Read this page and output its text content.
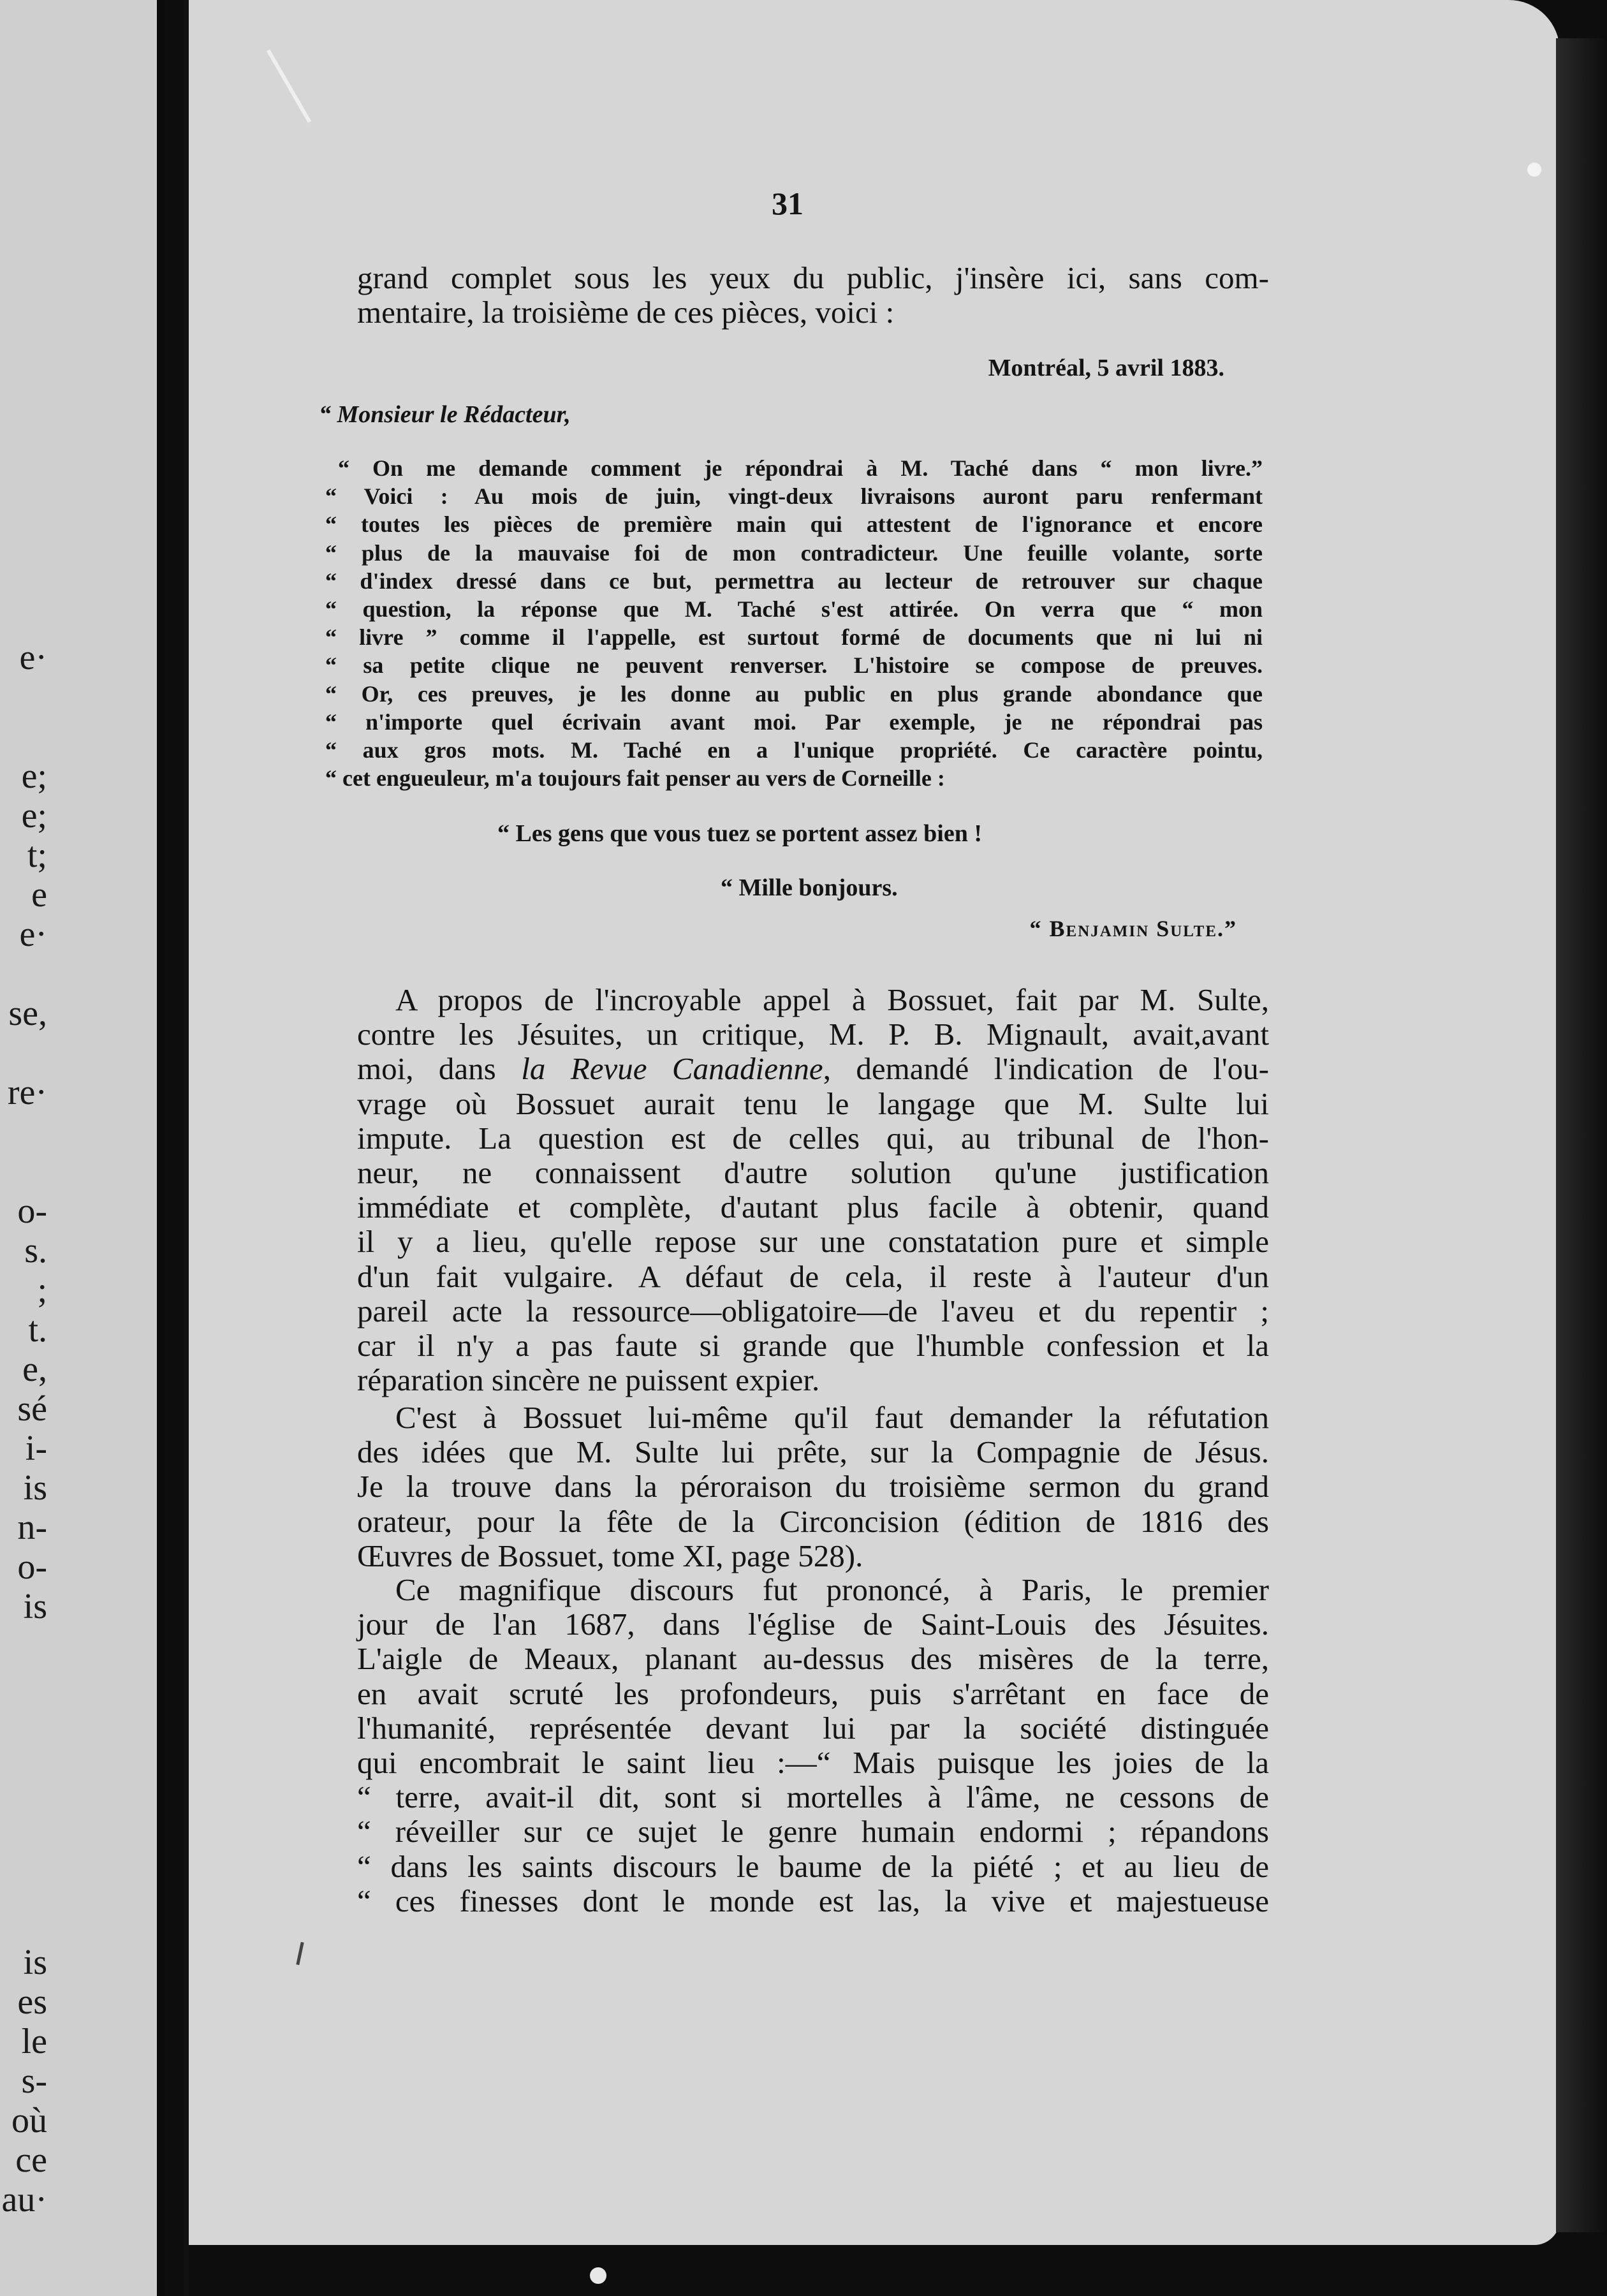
e·
e;
e;
t;
e
e·
se,
re·
o-
s.
;
t.
e,
sé
i-
is
n-
o-
is
is
es
le
s-
où
ce
au·
31
grand complet sous les yeux du public, j'insère ici, sans com-
mentaire, la troisième de ces pièces, voici :
Montréal, 5 avril 1883.
“ Monsieur le Rédacteur,
“ On me demande comment je répondrai à M. Taché dans “ mon livre.”
“ Voici : Au mois de juin, vingt-deux livraisons auront paru renfermant
“ toutes les pièces de première main qui attestent de l'ignorance et encore
“ plus de la mauvaise foi de mon contradicteur. Une feuille volante, sorte
“ d'index dressé dans ce but, permettra au lecteur de retrouver sur chaque
“ question, la réponse que M. Taché s'est attirée. On verra que “ mon
“ livre ” comme il l'appelle, est surtout formé de documents que ni lui ni
“ sa petite clique ne peuvent renverser. L'histoire se compose de preuves.
“ Or, ces preuves, je les donne au public en plus grande abondance que
“ n'importe quel écrivain avant moi. Par exemple, je ne répondrai pas
“ aux gros mots. M. Taché en a l'unique propriété. Ce caractère pointu,
“ cet engueuleur, m'a toujours fait penser au vers de Corneille :
“ Les gens que vous tuez se portent assez bien !
“ Mille bonjours.
“ Benjamin Sulte.”
A propos de l'incroyable appel à Bossuet, fait par M. Sulte,
contre les Jésuites, un critique, M. P. B. Mignault, avait,avant
moi, dans la Revue Canadienne, demandé l'indication de l'ou-
vrage où Bossuet aurait tenu le langage que M. Sulte lui
impute. La question est de celles qui, au tribunal de l'hon-
neur, ne connaissent d'autre solution qu'une justification
immédiate et complète, d'autant plus facile à obtenir, quand
il y a lieu, qu'elle repose sur une constatation pure et simple
d'un fait vulgaire. A défaut de cela, il reste à l'auteur d'un
pareil acte la ressource—obligatoire—de l'aveu et du repentir ;
car il n'y a pas faute si grande que l'humble confession et la
réparation sincère ne puissent expier.
C'est à Bossuet lui-même qu'il faut demander la réfutation
des idées que M. Sulte lui prête, sur la Compagnie de Jésus.
Je la trouve dans la péroraison du troisième sermon du grand
orateur, pour la fête de la Circoncision (édition de 1816 des
Œuvres de Bossuet, tome XI, page 528).
Ce magnifique discours fut prononcé, à Paris, le premier
jour de l'an 1687, dans l'église de Saint-Louis des Jésuites.
L'aigle de Meaux, planant au-dessus des misères de la terre,
en avait scruté les profondeurs, puis s'arrêtant en face de
l'humanité, représentée devant lui par la société distinguée
qui encombrait le saint lieu :—“ Mais puisque les joies de la
“ terre, avait-il dit, sont si mortelles à l'âme, ne cessons de
“ réveiller sur ce sujet le genre humain endormi ; répandons
“ dans les saints discours le baume de la piété ; et au lieu de
“ ces finesses dont le monde est las, la vive et majestueuse
